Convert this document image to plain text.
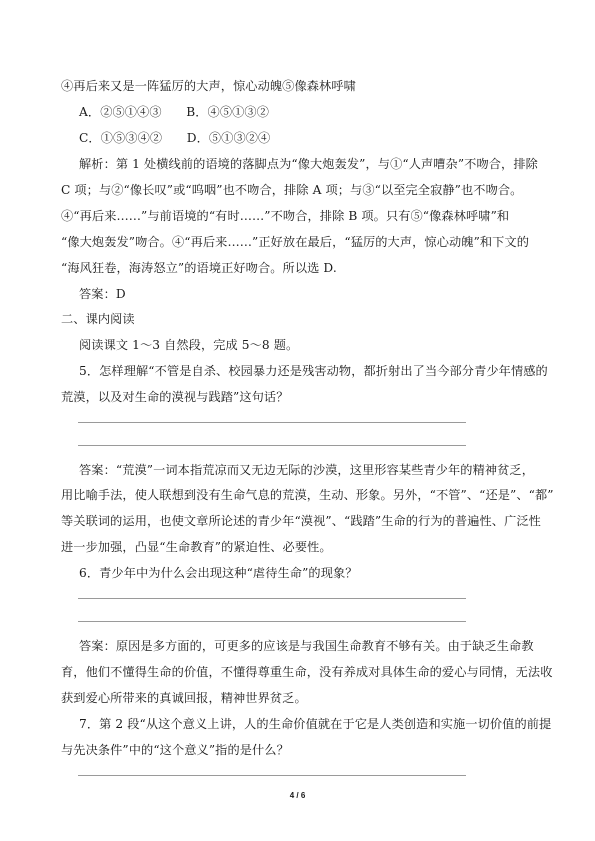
④再后来又是一阵猛厉的大声，惊心动魄⑤像森林呼啸
A．②⑤①④③　　B．④⑤①③②
C．①⑤③④②　　D．⑤①③②④
解析：第 1 处横线前的语境的落脚点为“像大炮轰发”，与①“人声嘈杂”不吻合，排除
C 项；与②“像长叹”或“呜咽”也不吻合，排除 A 项；与③“以至完全寂静”也不吻合。
④“再后来……”与前语境的“有时……”不吻合，排除 B 项。只有⑤“像森林呼啸”和
“像大炮轰发”吻合。④“再后来……”正好放在最后，“猛厉的大声，惊心动魄”和下文的
“海风狂卷，海涛怒立”的语境正好吻合。所以选 D.
答案：D
二、课内阅读
阅读课文 1～3 自然段，完成 5～8 题。
5．怎样理解“不管是自杀、校园暴力还是残害动物，都折射出了当今部分青少年情感的
荒漠，以及对生命的漠视与践踏”这句话？
答案：“荒漠”一词本指荒凉而又无边无际的沙漠，这里形容某些青少年的精神贫乏，
用比喻手法，使人联想到没有生命气息的荒漠，生动、形象。另外，“不管”、“还是”、“都”
等关联词的运用，也使文章所论述的青少年“漠视”、“践踏”生命的行为的普遍性、广泛性
进一步加强，凸显“生命教育”的紧迫性、必要性。
6．青少年中为什么会出现这种“虐待生命”的现象？
答案：原因是多方面的，可更多的应该是与我国生命教育不够有关。由于缺乏生命教
育，他们不懂得生命的价值，不懂得尊重生命，没有养成对具体生命的爱心与同情，无法收
获到爱心所带来的真诚回报，精神世界贫乏。
7．第 2 段“从这个意义上讲，人的生命价值就在于它是人类创造和实施一切价值的前提
与先决条件”中的“这个意义”指的是什么？
4 / 6
